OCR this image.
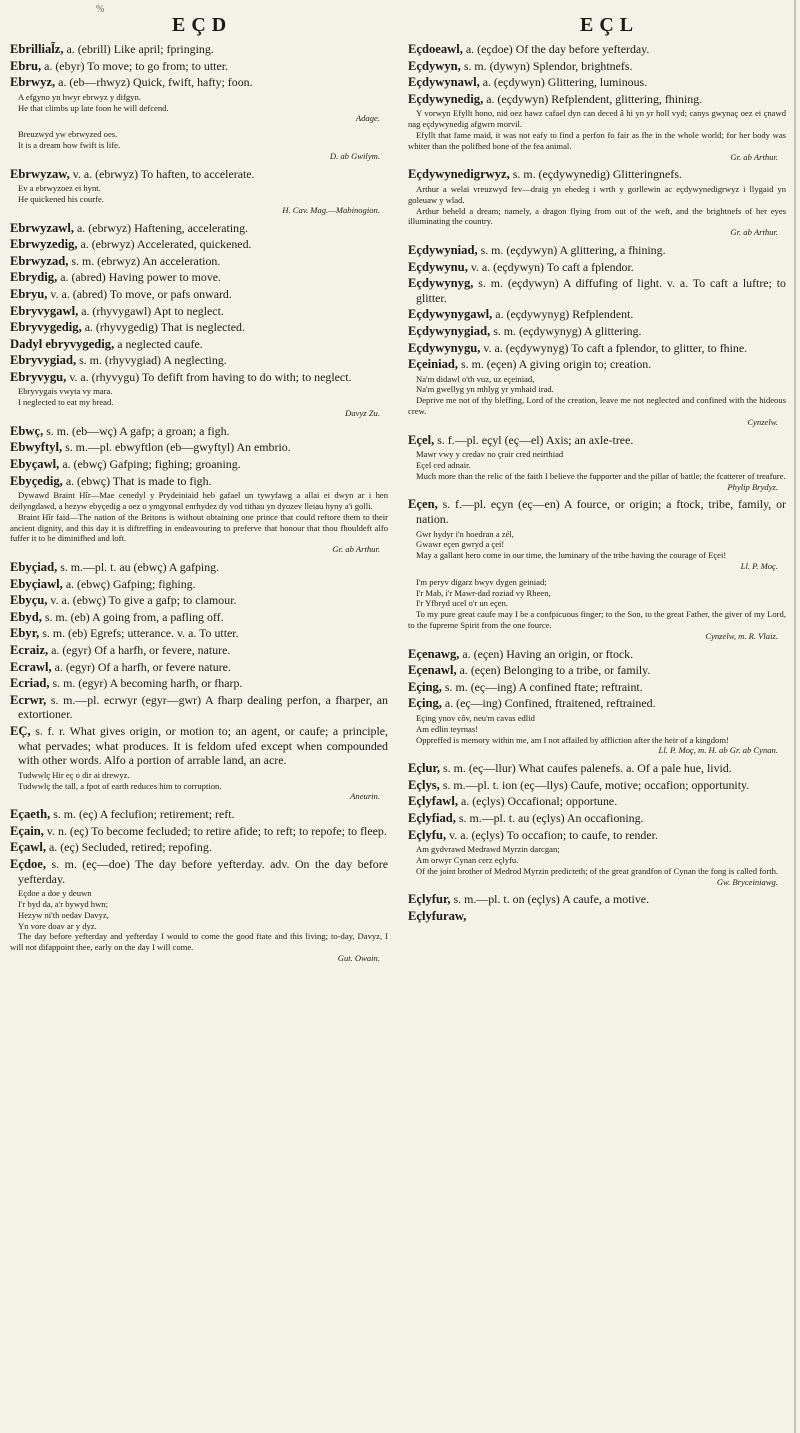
%
EÇD	EÇL
Ebrillial̃z, a. (ebrill) Like april; fpringing.
Ebru, a. (ebyr) To move; to go from; to utter.
Ebrwyz, a. (eb—rhwyz) Quick, fwift, hafty; foon.

A efgyno yn hwyr ebrwyz y difgyn.

He that climbs up late foon he will defcend.

Adage.

Breuzwyd yw ebrwyzed oes.

It is a dream how fwift is life.

D. ab Gwilym.

Ebrwyzaw, v. a. (ebrwyz) To haften, to accelerate.

Ev a ebrwyzoez ei hynt.

He quickened his courfe.

H. Cav. Mag.—Mabinogion.

Ebrwyzawl, a. (ebrwyz) Haftening, accelerating.
Ebrwyzedig, a. (ebrwyz) Accelerated, quickened.
Ebrwyzad, s. m. (ebrwyz) An acceleration.
Ebrydig, a. (abred) Having power to move.
Ebryu, v. a. (abred) To move, or pafs onward.
Ebryvygawl, a. (rhyvygawl) Apt to neglect.
Ebryvygedig, a. (rhyvygedig) That is neglected.
Dadyl ebryvygedig, a neglected caufe.
Ebryvygiad, s. m. (rhyvygiad) A neglecting.
Ebryvygu, v. a. (rhyvygu) To defift from having to do with; to neglect.

Ebryvygais vwyta vy mara.

I neglected to eat my bread.

Davyz Zu.

Ebwç, s. m. (eb—wç) A gafp; a groan; a figh.
Ebwyftyl, s. m.—pl. ebwyftlon (eb—gwyftyl) An embrio.
Ebyçawl, a. (ebwç) Gafping; fighing; groaning.
Ebyçedig, a. (ebwç) That is made to figh.

Dywawd Braint Hîr—Mae cenedyl y Prydeiniaid heb gafael un tywyfawg a allai ei dwyn ar i hen deilyngdawd, a hezyw ebyçedig a oez o ymgynnal enrhydez dy vod tithau yn dyozev lleiau hyny a'i golli.

Braint Hîr faid—The nation of the Britons is without obtaining one prince that could reftore them to their ancient dignity, and this day it is diftreffing in endeavouring to preferve that honour that thou fhouldeft alfo fuffer it to be diminifhed and loft.

Gr. ab Arthur.

Ebyçiad, s. m.—pl. t. au (ebwç) A gafping.
Ebyçiawl, a. (ebwç) Gafping; fighing.
Ebyçu, v. a. (ebwç) To give a gafp; to clamour.
Ebyd, s. m. (eb) A going from, a pafling off.
Ebyr, s. m. (eb) Egrefs; utterance. v. a. To utter.
Ecraiz, a. (egyr) Of a harfh, or fevere, nature.
Ecrawl, a. (egyr) Of a harfh, or fevere nature.
Ecriad, s. m. (egyr) A becoming harfh, or fharp.
Ecrwr, s. m.—pl. ecrwyr (egyr—gwr) A fharp dealing perfon, a fharper, an extortioner.
EÇ, s. f. r. What gives origin, or motion to; an agent, or caufe; a principle, what pervades; what produces. It is feldom ufed except when compounded with other words. Alfo a portion of arrable land, an acre.

Tudwwlç Hir eç o dir ai drewyz.

Tudwwlç the tall, a fpot of earth reduces him to corruption.

Aneurin.

Eçaeth, s. m. (eç) A feclufion; retirement; reft.
Eçain, v. n. (eç) To become fecluded; to retire afide; to reft; to repofe; to fleep.
Eçawl, a. (eç) Secluded, retired; repofing.
Eçdoe, s. m. (eç—doe) The day before yefterday. adv. On the day before yefterday.

Eçdoe a doe y deuwn

I'r byd da, a'r bywyd hwn;

Hezyw ni'th oedav Davyz,

Yn vore doav ar y dyz.

The day before yefterday and yefterday I would to come the good ftate and this living; to-day, Davyz, I will not difappoint thee, early on the day I will come.

Gut. Owain.

Eçdoeawl, a. (eçdoe) Of the day before yefterday.
Eçdywyn, s. m. (dywyn) Splendor, brightnefs.
Eçdywynawl, a. (eçdywyn) Glittering, luminous.
Eçdywynedig, a. (eçdywyn) Refplendent, glittering, fhining.

Y vorwyn Efyllt hono, nid oez hawz cafael dyn can deced â hi yn yr holl vyd; canys gwynaç oez ei çnawd nag eçdywynedig afgwrn morvil.

Efyllt that fame maid, it was not eafy to find a perfon fo fair as fhe in the whole world; for her body was whiter than the polifhed bone of the fea animal.

Gr. ab Arthur.

Eçdywynedigrwyz, s. m. (eçdywynedig) Glitteringnefs.

Arthur a welai vreuzwyd fev—draig yn ehedeg i wrth y gorllewin ac eçdywynedigrwyz i llygaid yn goleuaw y wlad.

Arthur beheld a dream; namely, a dragon flying from out of the weft, and the brightnefs of her eyes illuminating the country.

Gr. ab Arthur.

Eçdywyniad, s. m. (eçdywyn) A glittering, a fhining.
Eçdywynu, v. a. (eçdywyn) To caft a fplendor.
Eçdywynyg, s. m. (eçdywyn) A diffufing of light. v. a. To caft a luftre; to glitter.
Eçdywynygawl, a. (eçdywynyg) Refplendent.
Eçdywynygiad, s. m. (eçdywynyg) A glittering.
Eçdywynygu, v. a. (eçdywynyg) To caft a fplendor, to glitter, to fhine.
Eçeiniad, s. m. (eçen) A giving origin to; creation.

Na'm didawl o'th vuz, uz eçeiniad,

Na'm gwellyg yn mhlyg yr ymhaid irad.

Deprive me not of thy bleffing, Lord of the creation, leave me not neglected and confined with the hideous crew.

Cynzelw.

Eçel, s. f.—pl. eçyl (eç—el) Axis; an axle-tree.

Mawr vwy y credav no çrair cred neirthiad

Eçel ced adnair.

Much more than the relic of the faith I believe the fupporter and the pillar of battle; the fcatterer of treafure.

Phylip Brydyz.

Eçen, s. f.—pl. eçyn (eç—en) A fource, or origin; a ftock, tribe, family, or nation.

Gwr hydyr i'n hoedran a zél,

Gwawr eçen gwryd a çei!

May a gallant hero come in our time, the luminary of the tribe having the courage of Eçei!

Ll. P. Moç.

I'm peryv digarz bwyv dygen geiniad;

I'r Mab, i'r Mawr-dad roziad vy Rheen,

I'r Yfbryd ucel o'r un eçen.

To my pure great caufe may I be a confpicuous finger; to the Son, to the great Father, the giver of my Lord, to the fupreme Spirit from the one fource.

Cynzelw, m. R. Vlaiz.

Eçenawg, a. (eçen) Having an origin, or ftock.
Eçenawl, a. (eçen) Belonging to a tribe, or family.
Eçing, s. m. (eç—ing) A confined ftate; reftraint.
Eçing, a. (eç—ing) Confined, ftraitened, reftrained.

Eçing ynov côv, neu'm cavas edlid

Am edlin teyrnas!

Oppreffed is memory within me, am I not affailed by affliction after the heir of a kingdom!

Ll. P. Moç, m. H. ab Gr. ab Cynan.

Eçlur, s. m. (eç—llur) What caufes palenefs. a. Of a pale hue, livid.
Eçlys, s. m.—pl. t. ion (eç—llys) Caufe, motive; occafion; opportunity.
Eçlyfawl, a. (eçlys) Occafional; opportune.
Eçlyfiad, s. m.—pl. t. au (eçlys) An occafioning.
Eçlyfu, v. a. (eçlys) To occafion; to caufe, to render.

Am gydvrawd Medrawd Myrzin darcgan;

Am orwyr Cynan cerz eçlyfu.

Of the joint brother of Medrod Myrzin predicteth; of the great grandfon of Cynan the fong is called forth.

Gw. Bryceiniawg.

Eçlyfur, s. m.—pl. t. on (eçlys) A caufe, a motive.
Eçlyfuraw,
